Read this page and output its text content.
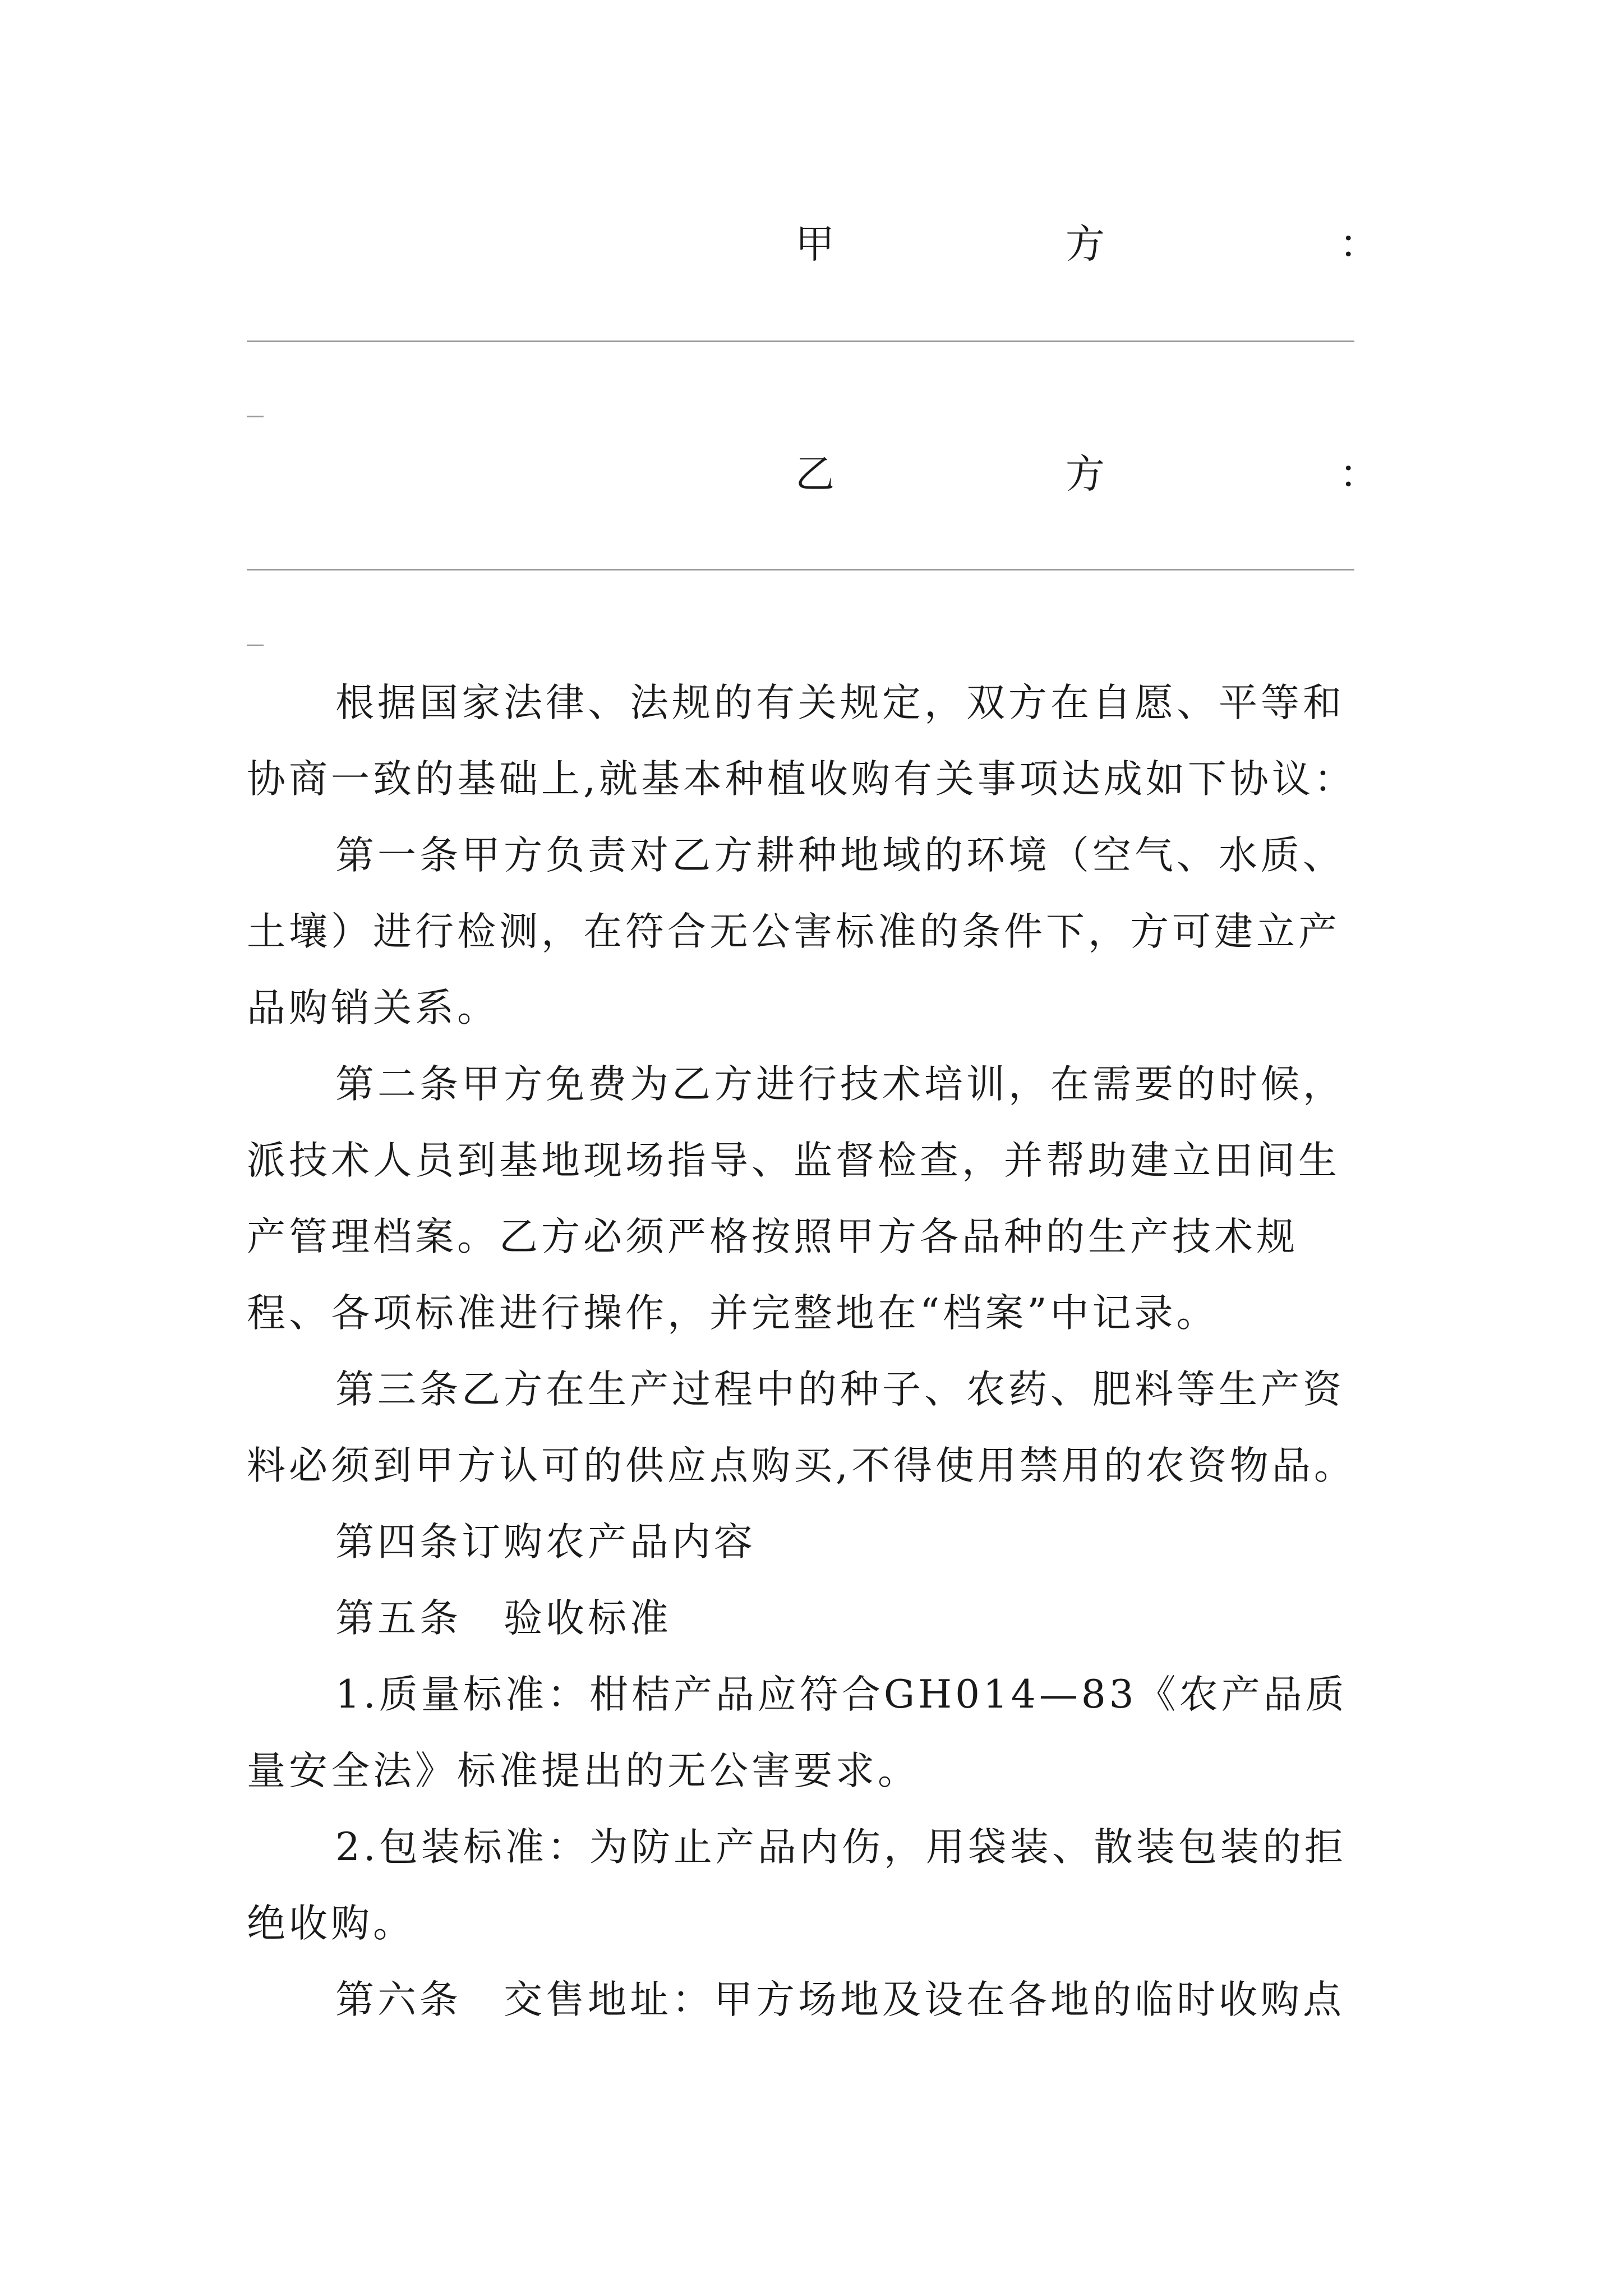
甲	方	：
乙	方	：

根据国家法律、法规的有关规定，双方在自愿、平等和协商一致的基础上,就基本种植收购有关事项达成如下协议：

第一条甲方负责对乙方耕种地域的环境（空气、水质、土壤）进行检测，在符合无公害标准的条件下，方可建立产品购销关系。

第二条甲方免费为乙方进行技术培训，在需要的时候，派技术人员到基地现场指导、监督检查，并帮助建立田间生产管理档案。乙方必须严格按照甲方各品种的生产技术规程、各项标准进行操作，并完整地在“档案”中记录。

第三条乙方在生产过程中的种子、农药、肥料等生产资料必须到甲方认可的供应点购买,不得使用禁用的农资物品。

第四条订购农产品内容

第五条　验收标准

1.质量标准：柑桔产品应符合GH014—83《农产品质量安全法》标准提出的无公害要求。

2.包装标准：为防止产品内伤，用袋装、散装包装的拒绝收购。

第六条　交售地址：甲方场地及设在各地的临时收购点
